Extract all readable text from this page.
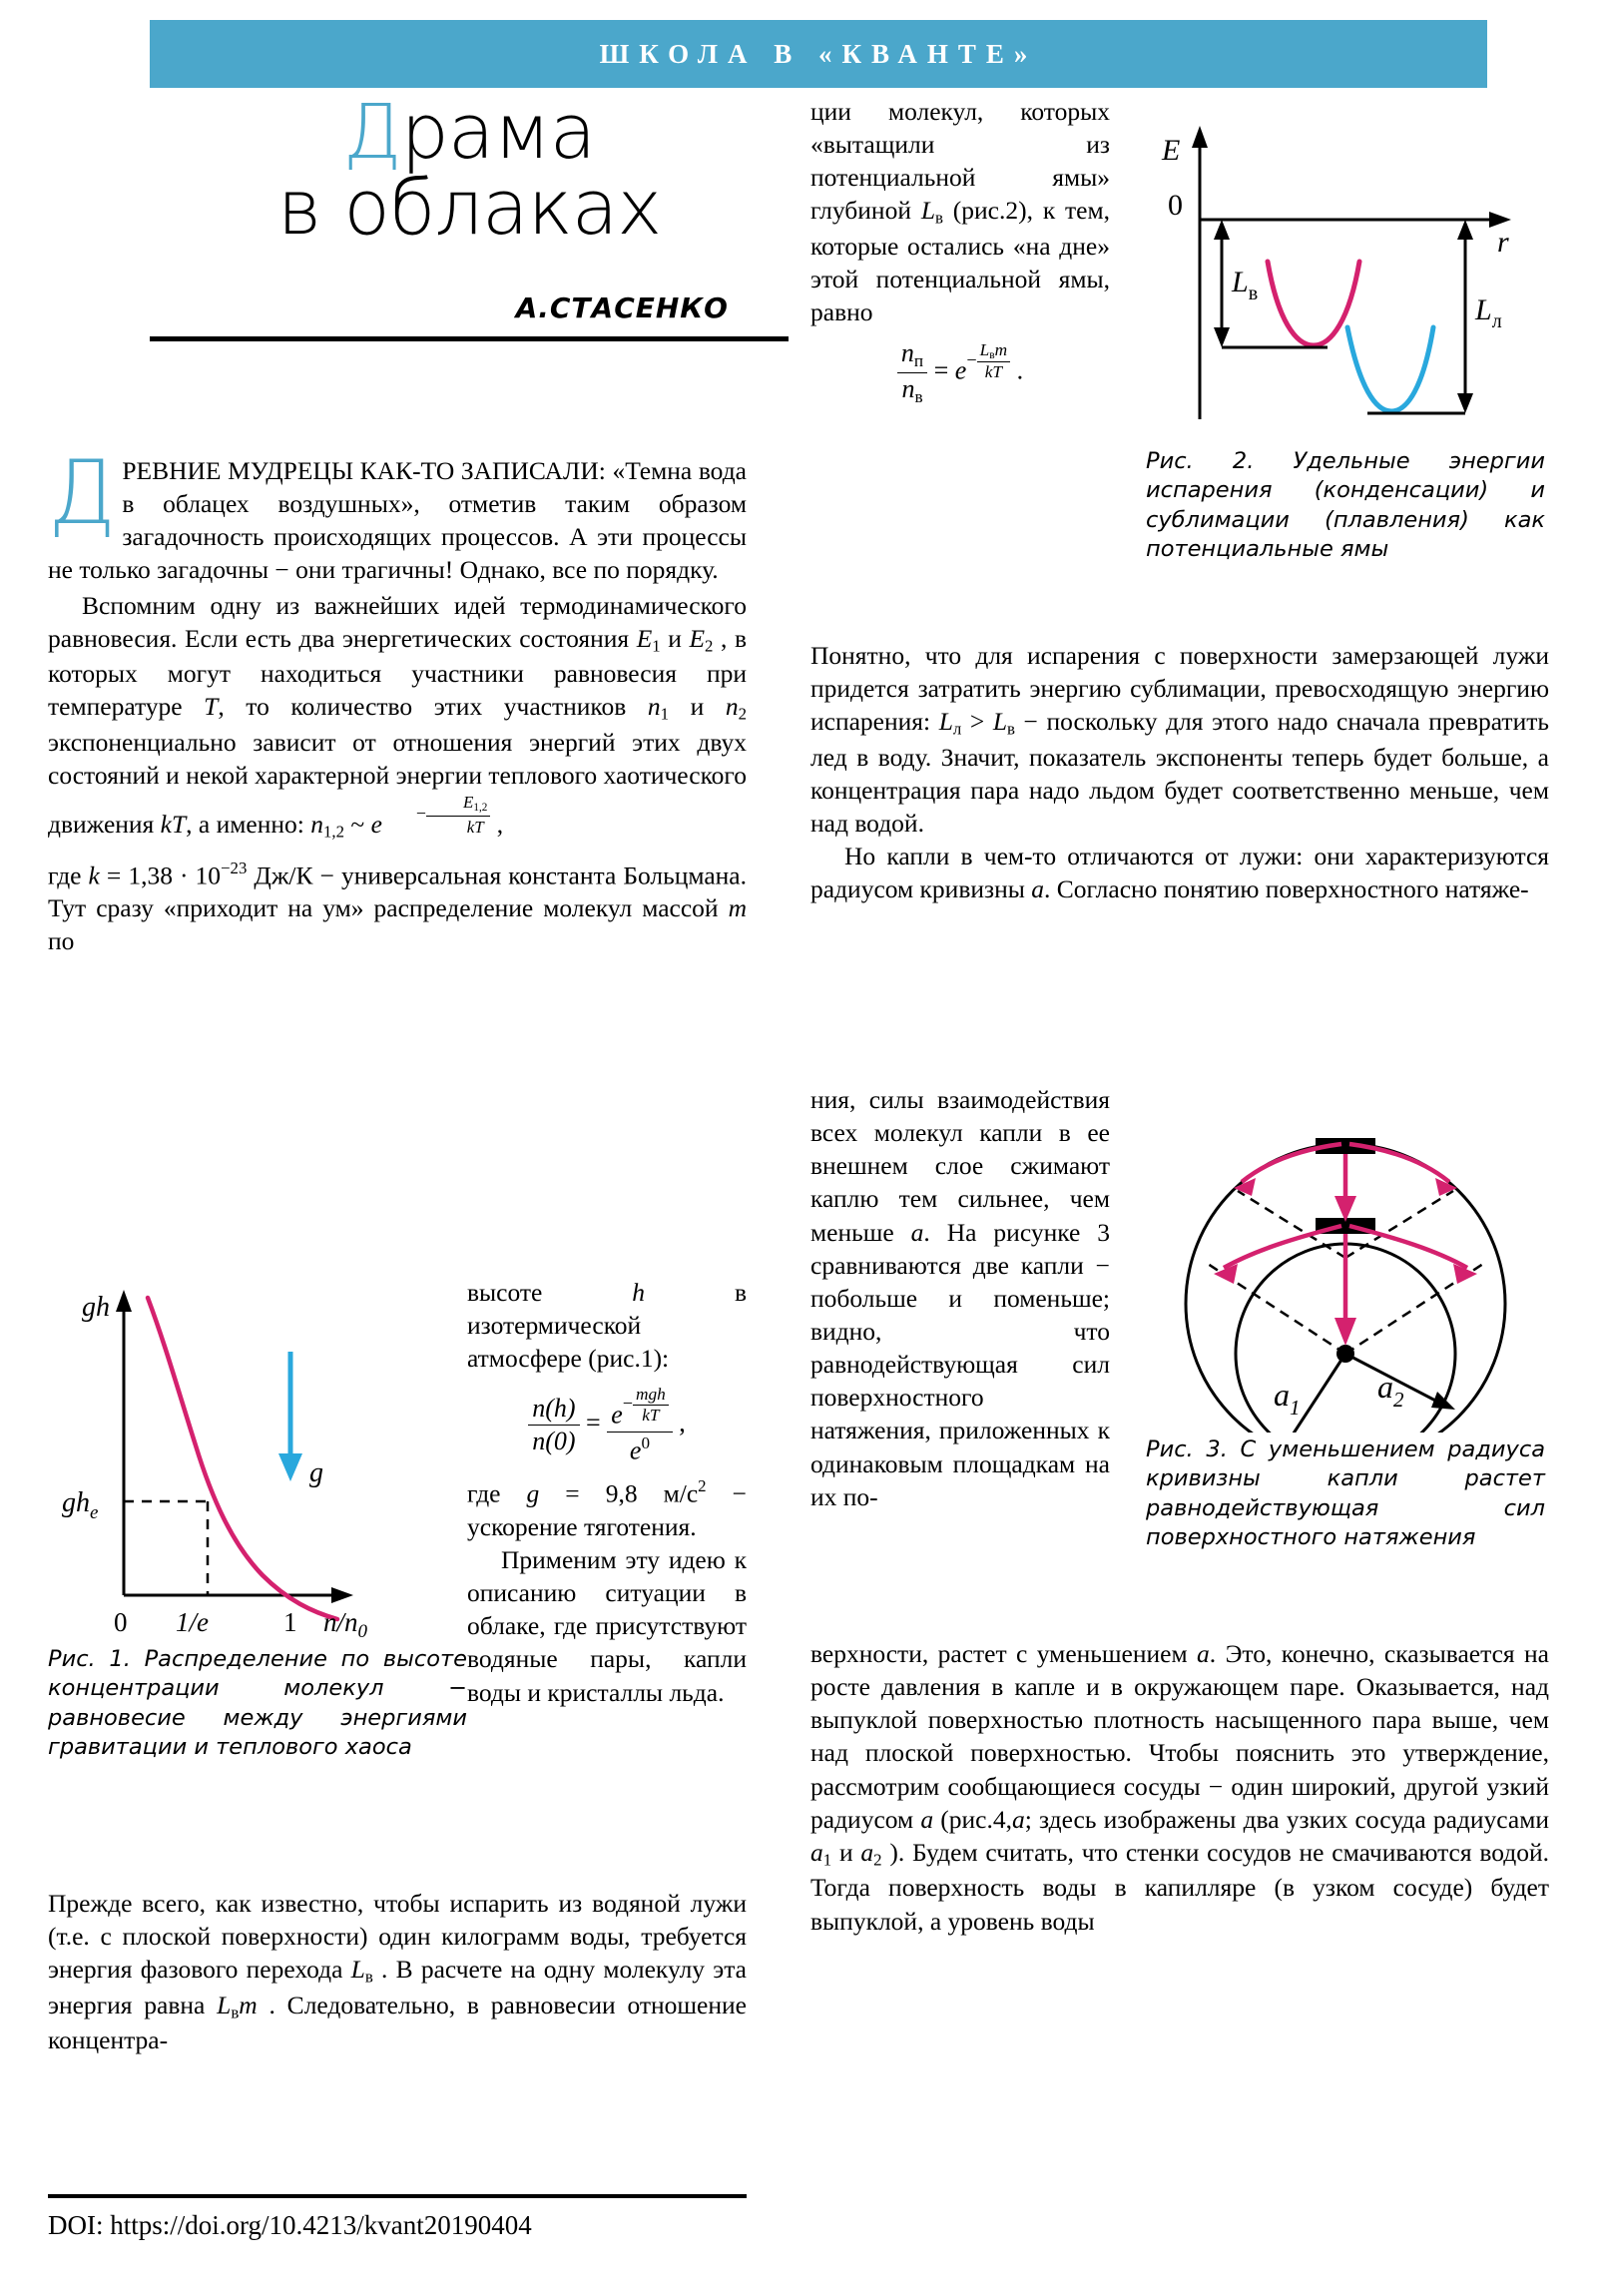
ШКОЛА В «КВАНТЕ»
Драма
в облаках
А.СТАСЕНКО

ДРЕВНИЕ МУДРЕЦЫ КАК-ТО ЗАПИСАЛИ: «Темна вода в облацех воздушных», отметив таким образом загадочность происходящих процессов. А эти процессы не только загадочны − они трагичны! Однако, все по порядку.

Вспомним одну из важнейших идей термодинамического равновесия. Если есть два энергетических состояния $E_1$ и $E_2$ , в которых могут находиться участники равновесия при температуре T, то количество этих участников $n_1$ и $n_2$ экспоненциально зависит от отношения энергий этих двух состояний и некой характерной энергии теплового хаотического движения kT, а именно: $n_{1,2}$ ~ $e - \frac{E_{1,2}}{kT}$ ,

где $k = 1,38 \cdot 10^{-23}$ Дж/К − универсальная константа Больцмана. Тут сразу «приходит на ум» распределение молекул массой m по

gh
$gh_e$
g
0 1/e	1 $n/n_0$
Рис. 1. Распределение по высоте концентрации молекул − равновесие между энергиями гравитации и теплового хаоса

высоте h в изотермической атмосфере (рис.1):

$\frac{n(h)}{n(0)} = \frac{e- \frac{\text{mgh}}{kT}}{e^0}$ ,

где g = 9,8 $м/с^2$ − ускорение тяготения.

Применим эту идею к описанию ситуации в облаке, где присутствуют водяные пары, капли воды и кристаллы льда.

Прежде всего, как известно, чтобы испарить из водяной лужи (т.е. с плоской поверхности) один килограмм воды, требуется энергия фазового перехода $L_в$ . В расчете на одну молекулу эта энергия равна $L_вm$ . Следовательно, в равновесии отношение концентра-

DOI: https://doi.org/10.4213/kvant20190404

ции молекул, которых «вытащили из потенциальной ямы» глубиной $L_в$ (рис.2), к тем, которые остались «на дне» этой потенциальной ямы, равно

$\frac{n_п}{n_в} = e- \frac{L_вm}{kT}$ .
E
0
r
$L_в$	$L_л$
Рис. 2. Удельные энергии испарения (конденсации) и сублимации (плавления) как потенциальные ямы

Понятно, что для испарения с поверхности замерзающей лужи придется затратить энергию сублимации, превосходящую энергию испарения: $L_л > L_в$ − поскольку для этого надо сначала превратить лед в воду. Значит, показатель экспоненты теперь будет больше, а концентрация пара надо льдом будет соответственно меньше, чем над водой.

Но капли в чем-то отличаются от лужи: они характеризуются радиусом кривизны a. Согласно понятию поверхностного натяже-

ния, силы взаимодействия всех молекул капли в ее внешнем слое сжимают каплю тем сильнее, чем меньше a. На рисунке 3 сравниваются две капли − побольше и поменьше; видно, что равнодействующая сил поверхностного натяжения, приложенных к одинаковым площадкам на их по-

$a_1$
$a_2$
Рис. 3. С уменьшением радиуса кривизны капли растет равнодействующая сил поверхностного натяжения

верхности, растет с уменьшением a. Это, конечно, сказывается на росте давления в капле и в окружающем паре. Оказывается, над выпуклой поверхностью плотность насыщенного пара выше, чем над плоской поверхностью. Чтобы пояснить это утверждение, рассмотрим сообщающиеся сосуды − один широкий, другой узкий радиусом a (рис.4,a; здесь изображены два узких сосуда радиусами $a_1$ и $a_2$ ). Будем считать, что стенки сосудов не смачиваются водой. Тогда поверхность воды в капилляре (в узком сосуде) будет выпуклой, а уровень воды
